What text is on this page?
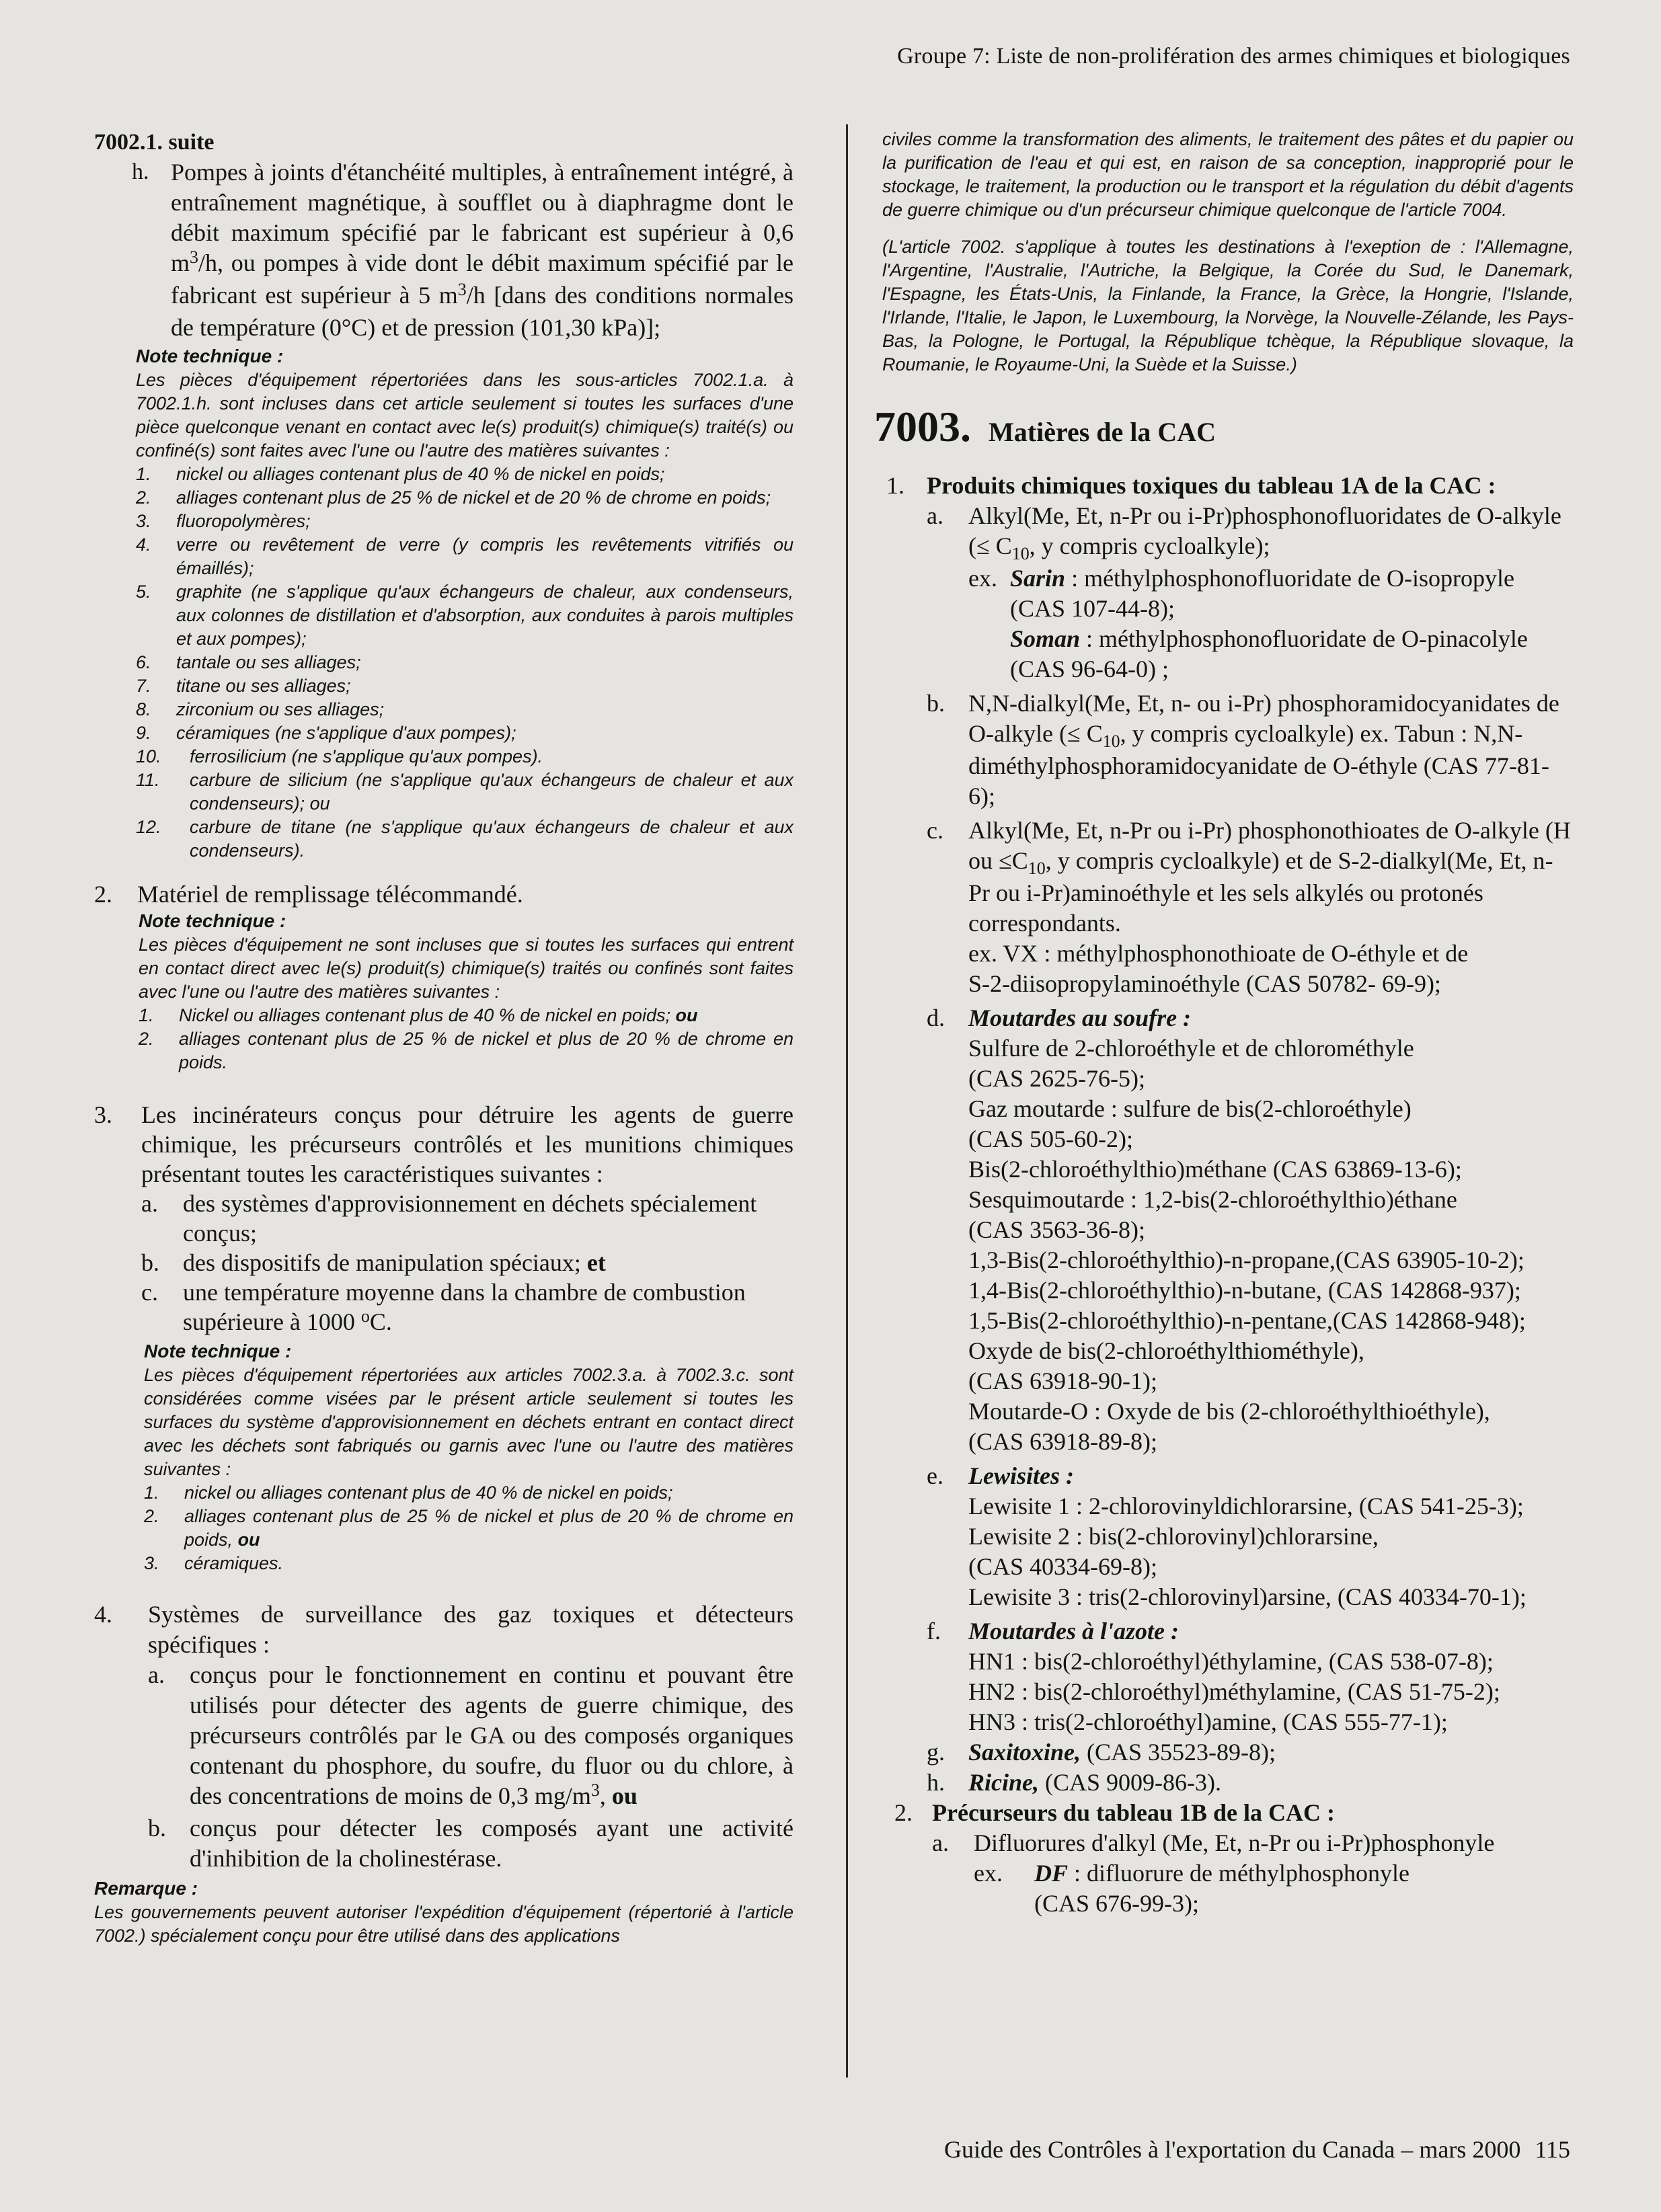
Groupe 7: Liste de non-prolifération des armes chimiques et biologiques
7002.1. suite
h. Pompes à joints d'étanchéité multiples, à entraînement intégré, à entraînement magnétique, à soufflet ou à diaphragme dont le débit maximum spécifié par le fabricant est supérieur à 0,6 $m^3/h$, ou pompes à vide dont le débit maximum spécifié par le fabricant est supérieur à 5 $m^3/h$ [dans des conditions normales de température (0°C) et de pression (101,30 kPa)];
Note technique :
Les pièces d'équipement répertoriées dans les sous-articles 7002.1.a. à 7002.1.h. sont incluses dans cet article seulement si toutes les surfaces d'une pièce quelconque venant en contact avec le(s) produit(s) chimique(s) traité(s) ou confiné(s) sont faites avec l'une ou l'autre des matières suivantes :
1.	nickel ou alliages contenant plus de 40 % de nickel en poids;
2.	alliages contenant plus de 25 % de nickel et de 20 % de chrome en poids;
3.	fluoropolymères;
4.	verre ou revêtement de verre (y compris les revêtements vitrifiés ou émaillés);
5.	graphite (ne s'applique qu'aux échangeurs de chaleur, aux condenseurs, aux colonnes de distillation et d'absorption, aux conduites à parois multiples et aux pompes);
6.	tantale ou ses alliages;
7.	titane ou ses alliages;
8.	zirconium ou ses alliages;
9.	céramiques (ne s'applique d'aux pompes);
10.	ferrosilicium (ne s'applique qu'aux pompes).
11.	carbure de silicium (ne s'applique qu'aux échangeurs de chaleur et aux condenseurs); ou
12.	carbure de titane (ne s'applique qu'aux échangeurs de chaleur et aux condenseurs).
2.	Matériel de remplissage télécommandé.
Note technique :
Les pièces d'équipement ne sont incluses que si toutes les surfaces qui entrent en contact direct avec le(s) produit(s) chimique(s) traités ou confinés sont faites avec l'une ou l'autre des matières suivantes :
1.	Nickel ou alliages contenant plus de 40 % de nickel en poids; ou
2.	alliages contenant plus de 25 % de nickel et plus de 20 % de chrome en poids.
3.	Les incinérateurs conçus pour détruire les agents de guerre chimique, les précurseurs contrôlés et les munitions chimiques présentant toutes les caractéristiques suivantes :
a.	des systèmes d'approvisionnement en déchets spécialement conçus;
b. des dispositifs de manipulation spéciaux; et
c.	une température moyenne dans la chambre de combustion supérieure à 1000 $^o$C.
Note technique :
Les pièces d'équipement répertoriées aux articles 7002.3.a. à 7002.3.c. sont considérées comme visées par le présent article seulement si toutes les surfaces du système d'approvisionnement en déchets entrant en contact direct avec les déchets sont fabriqués ou garnis avec l'une ou l'autre des matières suivantes :
1.	nickel ou alliages contenant plus de 40 % de nickel en poids;
2.	alliages contenant plus de 25 % de nickel et plus de 20 % de chrome en poids, ou
3.	céramiques.
4.	Systèmes de surveillance des gaz toxiques et détecteurs spécifiques :
a.	conçus pour le fonctionnement en continu et pouvant être utilisés pour détecter des agents de guerre chimique, des précurseurs contrôlés par le GA ou des composés organiques contenant du phosphore, du soufre, du fluor ou du chlore, à des concentrations de moins de 0,3 $mg/m^3$, ou
b. conçus pour détecter les composés ayant une activité d'inhibition de la cholinestérase.
Remarque :
Les gouvernements peuvent autoriser l'expédition d'équipement (répertorié à l'article 7002.) spécialement conçu pour être utilisé dans des applications
civiles comme la transformation des aliments, le traitement des pâtes et du papier ou la purification de l'eau et qui est, en raison de sa conception, inapproprié pour le stockage, le traitement, la production ou le transport et la régulation du débit d'agents de guerre chimique ou d'un précurseur chimique quelconque de l'article 7004.
(L'article 7002. s'applique à toutes les destinations à l'exeption de : l'Allemagne, l'Argentine, l'Australie, l'Autriche, la Belgique, la Corée du Sud, le Danemark, l'Espagne, les États-Unis, la Finlande, la France, la Grèce, la Hongrie, l'Islande, l'Irlande, l'Italie, le Japon, le Luxembourg, la Norvège, la Nouvelle-Zélande, les Pays-Bas, la Pologne, le Portugal, la République tchèque, la République slovaque, la Roumanie, le Royaume-Uni, la Suède et la Suisse.)
7003. Matières de la CAC
1. Produits chimiques toxiques du tableau 1A de la CAC :
a.	Alkyl(Me, Et, n-Pr ou i-Pr)phosphonofluoridates de O-alkyle (≤ $C_{10}$, y compris cycloalkyle);
ex. Sarin : méthylphosphonofluoridate de O-isopropyle
(CAS 107-44-8);
Soman : méthylphosphonofluoridate de O-pinacolyle
(CAS 96-64-0) ;
b. N,N-dialkyl(Me, Et, n- ou i-Pr) phosphoramidocyanidates de O-alkyle (≤ $C_{10}$, y compris cycloalkyle) ex. Tabun : N,N-diméthylphosphoramidocyanidate de O-éthyle (CAS 77-81-6);
c.	Alkyl(Me, Et, n-Pr ou i-Pr) phosphonothioates de O-alkyle (H ou $\le C_{10}$, y compris cycloalkyle) et de S-2-dialkyl(Me, Et, n-Pr ou i-Pr)aminoéthyle et les sels alkylés ou protonés correspondants.
ex. VX : méthylphosphonothioate de O-éthyle et de
S-2-diisopropylaminoéthyle (CAS 50782- 69-9);
d. Moutardes au soufre :
Sulfure de 2-chloroéthyle et de chlorométhyle
(CAS 2625-76-5);
Gaz moutarde : sulfure de bis(2-chloroéthyle)
(CAS 505-60-2);
Bis(2-chloroéthylthio)méthane (CAS 63869-13-6);
Sesquimoutarde : 1,2-bis(2-chloroéthylthio)éthane
(CAS 3563-36-8);
1,3-Bis(2-chloroéthylthio)-n-propane,(CAS 63905-10-2);
1,4-Bis(2-chloroéthylthio)-n-butane, (CAS 142868-937);
1,5-Bis(2-chloroéthylthio)-n-pentane,(CAS 142868-948);
Oxyde de bis(2-chloroéthylthiométhyle),
(CAS 63918-90-1);
Moutarde-O : Oxyde de bis (2-chloroéthylthioéthyle),
(CAS 63918-89-8);
e.	Lewisites :
Lewisite 1 : 2-chlorovinyldichlorarsine, (CAS 541-25-3);
Lewisite 2 : bis(2-chlorovinyl)chlorarsine,
(CAS 40334-69-8);
Lewisite 3 : tris(2-chlorovinyl)arsine, (CAS 40334-70-1);
f.	Moutardes à l'azote :
HN1 : bis(2-chloroéthyl)éthylamine, (CAS 538-07-8);
HN2 : bis(2-chloroéthyl)méthylamine, (CAS 51-75-2);
HN3 : tris(2-chloroéthyl)amine, (CAS 555-77-1);
g. Saxitoxine, (CAS 35523-89-8);
h. Ricine, (CAS 9009-86-3).
2. Précurseurs du tableau 1B de la CAC :
a.	Difluorures d'alkyl (Me, Et, n-Pr ou i-Pr)phosphonyle
ex.	DF : difluorure de méthylphosphonyle
(CAS 676-99-3);
Guide des Contrôles à l'exportation du Canada – mars 2000 115
